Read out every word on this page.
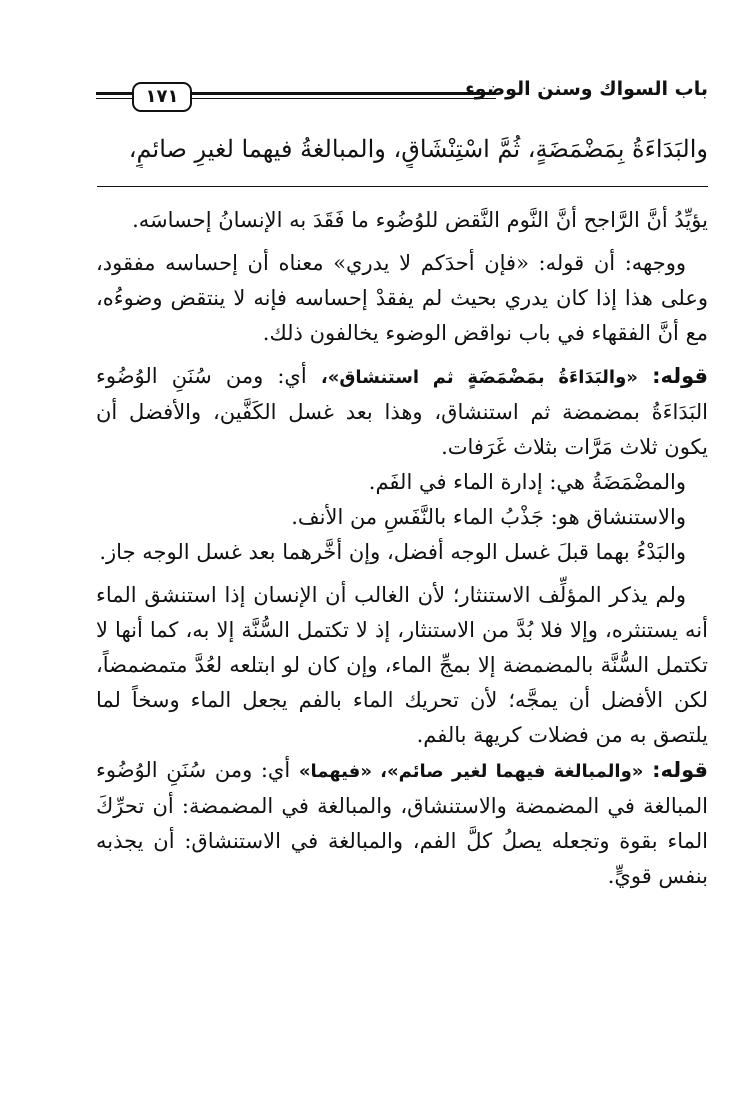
باب السواك وسنن الوضوء
١٧١
والبَدَاءَةُ بِمَضْمَضَةٍ، ثُمَّ اسْتِنْشَاقٍ، والمبالغةُ فيهما لغيرِ صائمٍ،

يؤيِّدُ أنَّ الرَّاجح أنَّ النَّوم النَّقض للوُضُوء ما فَقَدَ به الإنسانُ إحساسَه.

ووجهه: أن قوله: «فإن أحدَكم لا يدري» معناه أن إحساسه مفقود، وعلى هذا إذا كان يدري بحيث لم يفقدْ إحساسه فإنه لا ينتقض وضوءُه، مع أنَّ الفقهاء في باب نواقض الوضوء يخالفون ذلك.

قوله: «والبَدَاءَةُ بمَضْمَضَةٍ ثم استنشاق»، أي: ومن سُنَنِ الوُضُوء البَدَاءَةُ بمضمضة ثم استنشاق، وهذا بعد غسل الكَفَّين، والأفضل أن يكون ثلاث مَرَّات بثلاث غَرَفات.

والمضْمَضَةُ هي: إدارة الماء في الفَم.

والاستنشاق هو: جَذْبُ الماء بالنَّفَسِ من الأنف.

والبَدْءُ بهما قبلَ غسل الوجه أفضل، وإن أخَّرهما بعد غسل الوجه جاز.

ولم يذكر المؤلِّف الاستنثار؛ لأن الغالب أن الإنسان إذا استنشق الماء أنه يستنثره، وإلا فلا بُدَّ من الاستنثار، إذ لا تكتمل السُّنَّة إلا به، كما أنها لا تكتمل السُّنَّة بالمضمضة إلا بمجِّ الماء، وإن كان لو ابتلعه لعُدَّ متمضمضاً، لكن الأفضل أن يمجَّه؛ لأن تحريك الماء بالفم يجعل الماء وسخاً لما يلتصق به من فضلات كريهة بالفم.

قوله: «والمبالغة فيهما لغير صائم»، «فيهما» أي: ومن سُنَنِ الوُضُوء المبالغة في المضمضة والاستنشاق، والمبالغة في المضمضة: أن تحرِّكَ الماء بقوة وتجعله يصلُ كلَّ الفم، والمبالغة في الاستنشاق: أن يجذبه بنفس قويٍّ.
